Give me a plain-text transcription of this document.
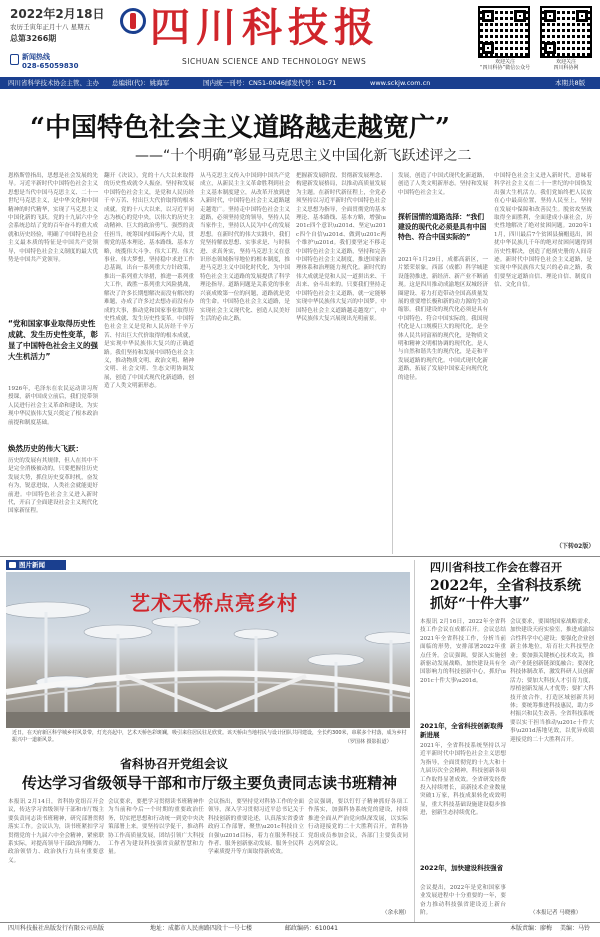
2022年2月18日
农历壬寅年正月十八 星期五
总第3266期
新闻热线
028-65059830
四川科技报
SICHUAN SCIENCE AND TECHNOLOGY NEWS	欢迎关注
“四川科协”微信公众号
欢迎关注
四川科协网
四川省科学技术协会主管、主办 总编辑(代)：姚海军	国内统一刊号：CN51-0046 邮发代号：61-71	www.sckjw.com.cn	本期共8版
“中国特色社会主义道路越走越宽广”
——“十个明确”彰显马克思主义中国化新飞跃述评之二
恩格斯曾指出，思想是社会发展的先导。习近平新时代中国特色社会主义思想是当代中国马克思主义、二十一世纪马克思主义，是中华文化和中国精神的时代精华，实现了马克思主义中国化新的飞跃。党的十九届六中全会系统总结了党的百年奋斗的重大成就和历史经验，明确了中国特色社会主义最本质的特征是中国共产党领导，中国特色社会主义制度的最大优势是中国共产党领导。
“党和国家事业取得历史性成就、发生历史性变革，彰显了中国特色社会主义的强大生机活力”
1926年，毛泽东在农民运动讲习所授课，新中国成立前后，我们党带领人民进行社会主义革命和建设，为实现中华民族伟大复兴奠定了根本政治前提和制度基础。
焕然历史的伟大飞跃：
历史的发展有其规律，但人在其中不是完全消极被动的，只要把握住历史发展大势，抓住历史变革时机，奋发有为，锐意进取，人类社会就能更好前进。中国特色社会主义进入新时代，开启了全面建设社会主义现代化国家新征程。
翻开《决议》，党的十八大以来取得的历史性成就令人振奋。坚持和发展中国特色社会主义，是党和人民历经千辛万苦、付出巨大代价取得的根本成就。党的十八大以来，以习近平同志为核心的党中央，以伟大的历史主动精神、巨大的政治勇气、强烈的责任担当，统筹国内国际两个大局，贯彻党的基本理论、基本路线、基本方略，统揽伟大斗争、伟大工程、伟大事业、伟大梦想，坚持稳中求进工作总基调，出台一系列重大方针政策，推出一系列重大举措，推进一系列重大工作，战胜一系列重大风险挑战，解决了许多长期想解决而没有解决的难题，办成了许多过去想办而没有办成的大事，推动党和国家事业取得历史性成就、发生历史性变革。中国特色社会主义是党和人民历经千辛万苦、付出巨大代价取得的根本成就，是实现中华民族伟大复兴的正确道路。我们坚持和发展中国特色社会主义，推动物质文明、政治文明、精神文明、社会文明、生态文明协调发展，创造了中国式现代化新道路，创造了人类文明新形态。
从马克思主义传入中国到中国共产党成立，从新民主主义革命胜利到社会主义基本制度建立，从改革开放到进入新时代，中国特色社会主义道路越走越宽广。坚持走中国特色社会主义道路，必须坚持党的领导，坚持人民当家作主，坚持以人民为中心的发展思想。在新时代的伟大实践中，我们党坚持解放思想、实事求是、与时俱进、求真务实，坚持马克思主义在意识形态领域指导地位的根本制度，推进马克思主义中国化时代化，为中国特色社会主义道路的发展提供了科学理论指导。道路问题是关系党的事业兴衰成败第一位的问题，道路就是党的生命。中国特色社会主义道路，是实现社会主义现代化、创造人民美好生活的必由之路。
把握新发展阶段、贯彻新发展理念、构建新发展格局，以推动高质量发展为主题。在新时代新征程上，全党必须坚持以习近平新时代中国特色社会主义思想为指导，全面贯彻党的基本理论、基本路线、基本方略，增强\u201c四个意识\u201d、坚定\u201c四个自信\u201d、做到\u201c两个维护\u201d。我们要坚定不移走中国特色社会主义道路，坚持和完善中国特色社会主义制度，推进国家治理体系和治理能力现代化。新时代的伟大成就是党和人民一道拼出来、干出来、奋斗出来的。只要我们坚持走中国特色社会主义道路，就一定能够实现中华民族伟大复兴的中国梦。中国特色社会主义道路越走越宽广，中华民族伟大复兴展现出光明前景。
发展，创造了中国式现代化新道路，创造了人类文明新形态。坚持和发展中国特色社会主义。
探析国情的道路选择：“我们建设的现代化必须是具有中国特色、符合中国实际的”
2021年1月29日，成都高新区，一片繁荣景象。西部（成都）科学城建设蓬勃推进，新经济、新产业不断涌现。这是四川推动成渝地区双城经济圈建设、着力打造带动全国高质量发展的重要增长极和新的动力源的生动缩影。我们建设的现代化必须是具有中国特色、符合中国实际的。我国现代化是人口规模巨大的现代化，是全体人民共同富裕的现代化，是物质文明和精神文明相协调的现代化，是人与自然和谐共生的现代化，是走和平发展道路的现代化。中国式现代化新道路，拓展了发展中国家走向现代化的途径。
中国特色社会主义进入新时代，意味着科学社会主义在二十一世纪的中国焕发出强大生机活力。我们党始终把人民放在心中最高位置，坚持人民至上，坚持在发展中保障和改善民生。脱贫攻坚战取得全面胜利，全面建成小康社会，历史性地解决了绝对贫困问题。2020年11月，四川最后7个贫困县摘帽退出，困扰中华民族几千年的绝对贫困问题得到历史性解决，创造了彪炳史册的人间奇迹。新时代中国特色社会主义道路，是实现中华民族伟大复兴的必由之路，我们要坚定道路自信、理论自信、制度自信、文化自信。
（下转02版）
图片新闻
艺术天桥点亮乡村
近日，在天府新区科学城乡村风景带，灯光亮起中，艺术天桥色彩斑斓，吸引来往居民驻足欣赏。该天桥由当地村民与设计团队共同建设，全长约300米，串联多个村落，成为乡村振兴中一道新风景。	（罗国林 摄影报道）
省科协召开党组会议
传达学习省级领导干部和市厅级主要负责同志读书班精神
本报讯 2月14日，省科协党组召开会议，传达学习省级领导干部和市厅级主要负责同志读书班精神，研究部署贯彻落实工作。会议认为，读书班紧扣学习贯彻党的十九届六中全会精神，紧密联系实际，对提高领导干部政治判断力、政治领悟力、政治执行力具有重要意义。
会议要求，要把学习贯彻读书班精神作为当前和今后一个时期的重要政治任务，切实把思想和行动统一到党中央决策部署上来。要坚持以学促干，推动科协工作高质量发展，团结引领广大科技工作者为建设科技强省贡献智慧和力量。
会议指出，要坚持党对科协工作的全面领导，深入学习贯彻习近平总书记关于科技创新的重要论述，认真落实省委省政府工作部署，聚焦\u201c科技自立自强\u201d目标，着力在服务科技工作者、服务创新驱动发展、服务全民科学素质提升等方面取得新成效。
会议强调，要以钉钉子精神抓好各项工作落实，加强科协系统党的建设，持续推进全面从严治党向纵深发展，以实际行动迎接党的二十大胜利召开。省科协党组成员参加会议，各部门主要负责同志列席会议。
（余永刚）
四川省科技工作会在蓉召开
2022年，全省科技系统
抓好“十件大事”
本报讯 2月16日，2022年全省科技工作会议在成都召开。会议总结2021年全省科技工作，分析当前面临的形势，安排部署2022年重点任务。会议强调，要深入实施创新驱动发展战略，加快建设具有全国影响力的科技创新中心，抓好\u201c十件大事\u201d。
2021年，全省科技创新取得新进展
2021年，全省科技系统坚持以习近平新时代中国特色社会主义思想为指导，全面贯彻党的十九大和十九届历次全会精神，科技创新各项工作取得显著成效。全省研发经费投入持续增长，高新技术企业数量突破1万家，科技成果转化成效明显，重大科技基础设施建设稳步推进，创新生态持续优化。
2022年，加快建设科技强省
会议提出，2022年是党和国家事业发展进程中十分重要的一年，要奋力推动科技强省建设迈上新台阶。
会议要求，要围绕国家战略需求，加快建设天府实验室，推进成渝综合性科学中心建设；要强化企业创新主体地位，培育壮大科技型企业；要加强关键核心技术攻关，推动产业链创新链深度融合；要深化科技体制改革，激发科研人员创新活力；要加大科技人才引育力度，厚植创新发展人才优势；要扩大科技开放合作，打造区域创新共同体；要统筹推进科技惠民，助力乡村振兴和民生改善。全省科技系统要以实干担当推动\u201c十件大事\u201d落地见效，以优异成绩迎接党的二十大胜利召开。
（本报记者 马晓雅）
四川科技报社出版发行有限公司出版	地址：成都市人民南路四段十一号七楼	邮政编码：610041	本版责编：廖梅 美编：马铃
